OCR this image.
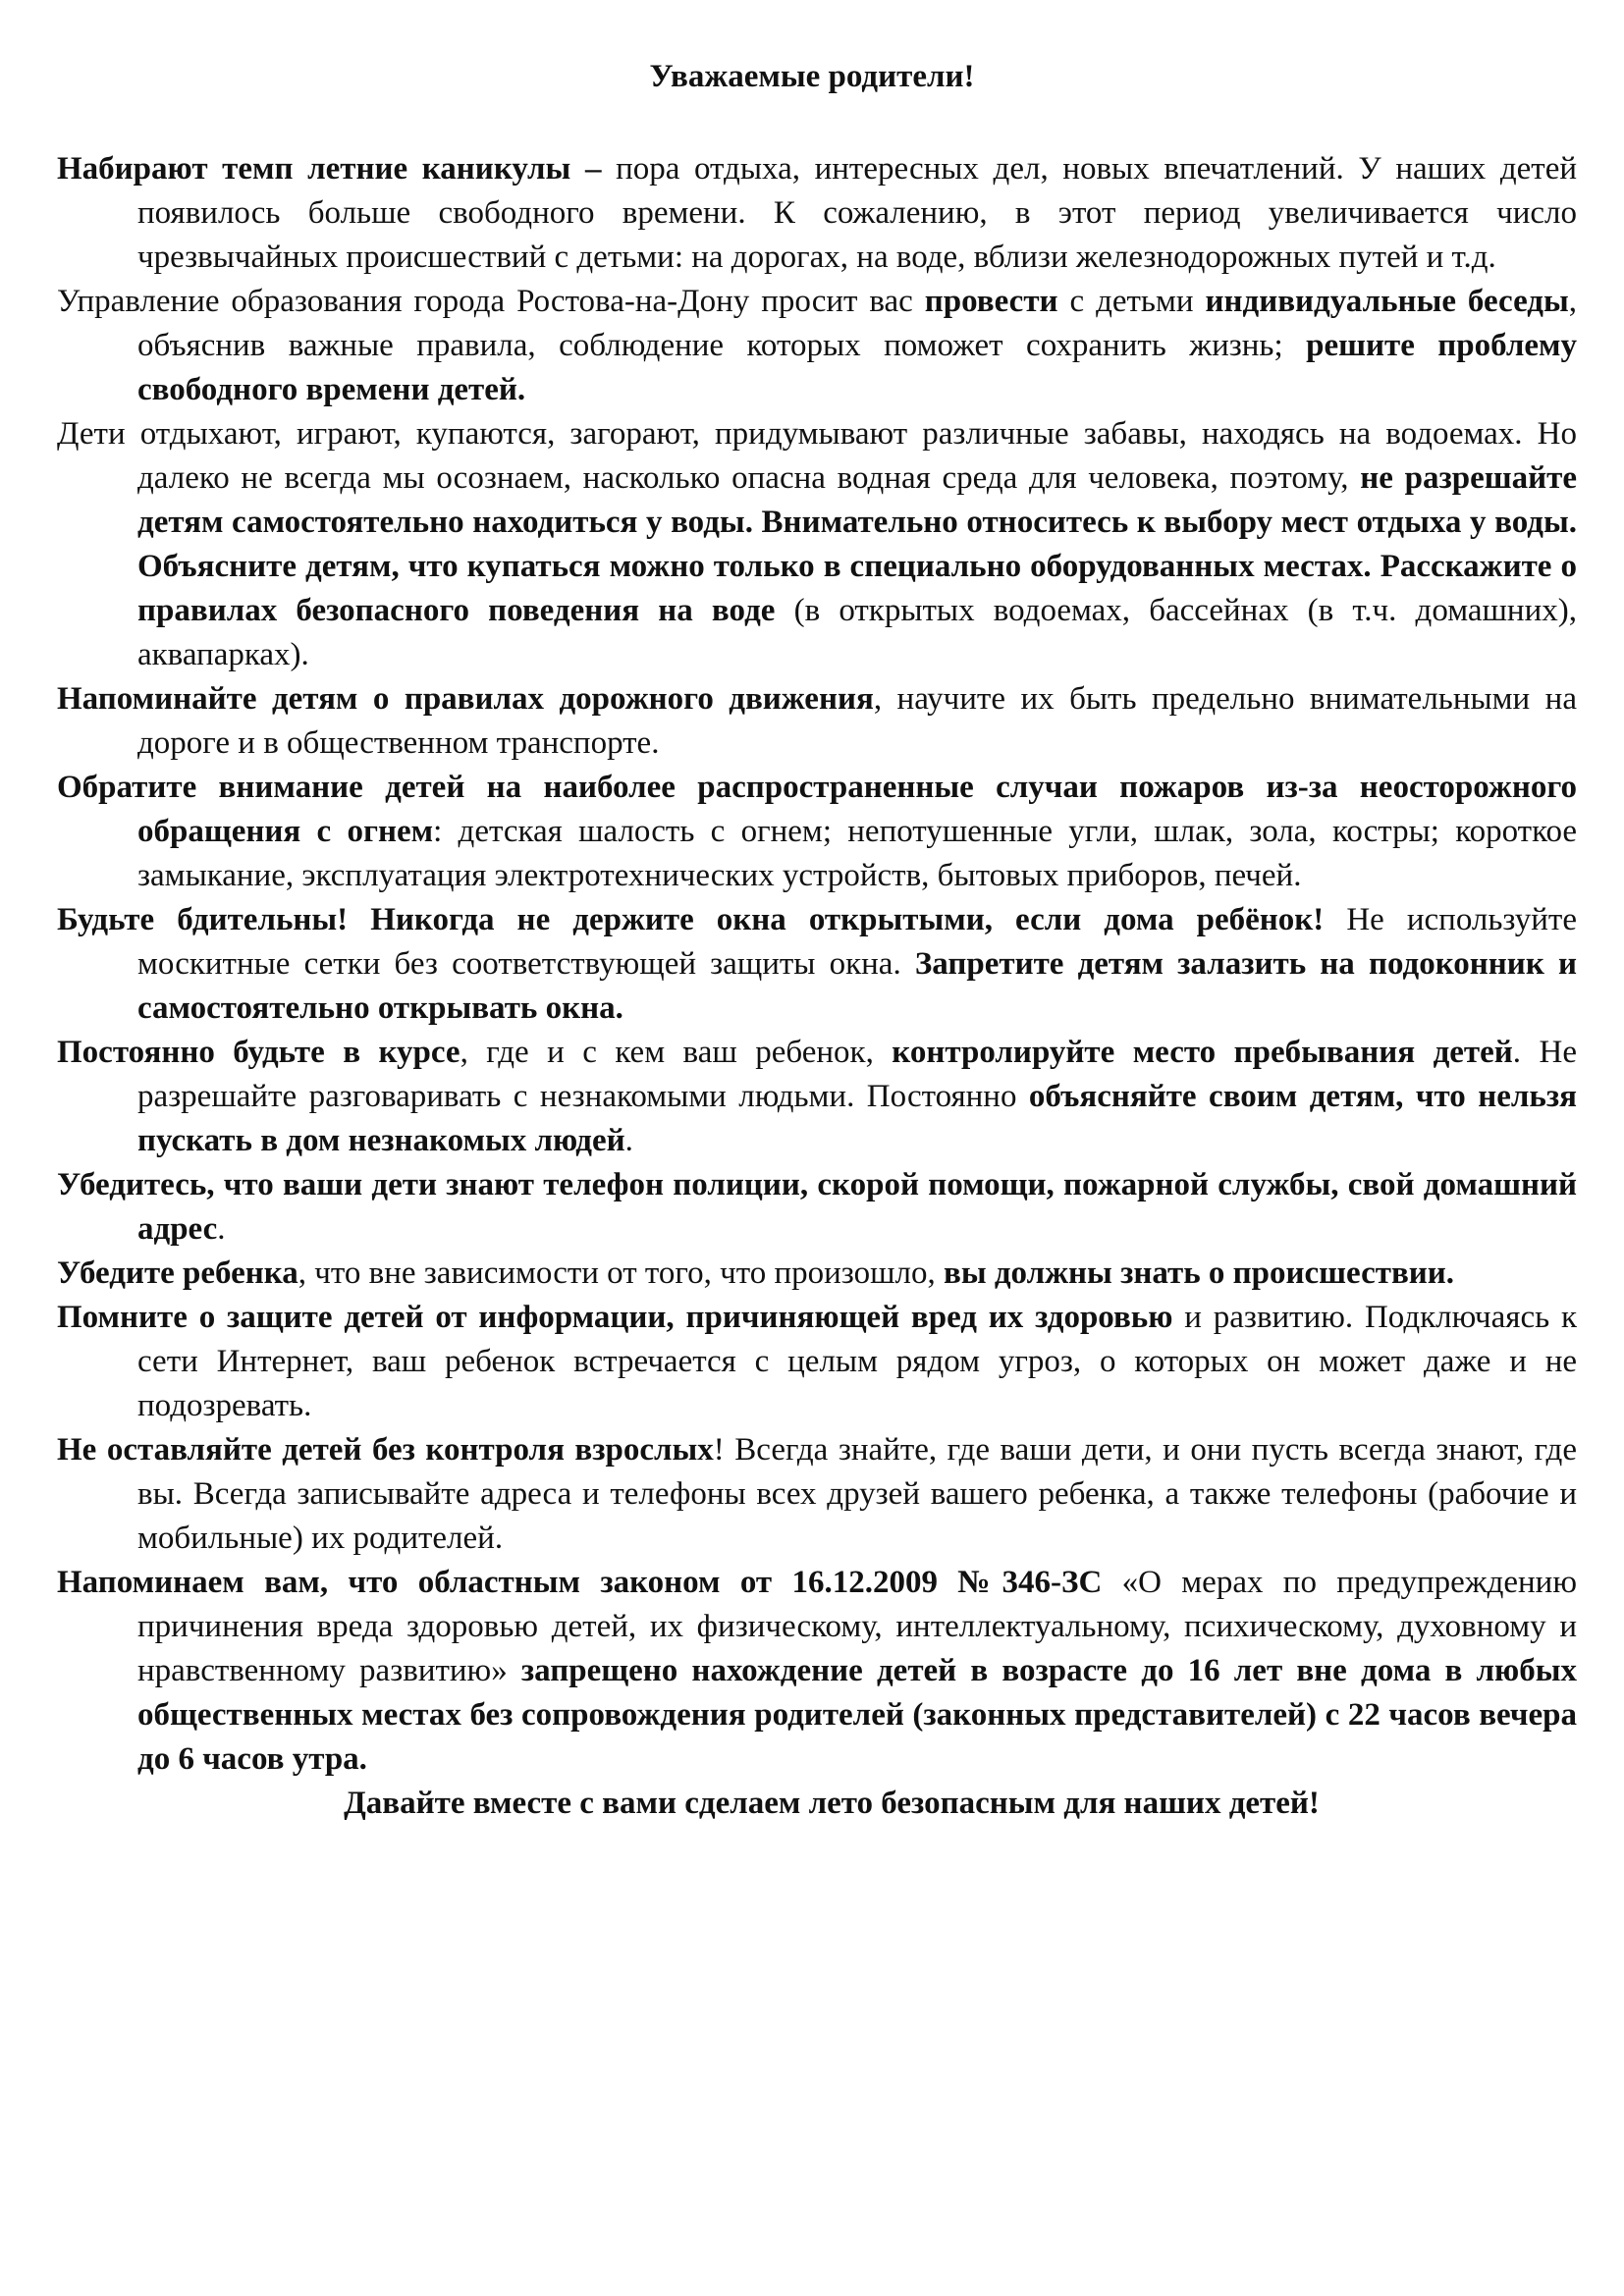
Уважаемые родители!

Набирают темп летние каникулы – пора отдыха, интересных дел, новых впечатлений. У наших детей появилось больше свободного времени. К сожалению, в этот период увеличивается число чрезвычайных происшествий с детьми: на дорогах, на воде, вблизи железнодорожных путей и т.д.

Управление образования города Ростова-на-Дону просит вас провести с детьми индивидуальные беседы, объяснив важные правила, соблюдение которых поможет сохранить жизнь; решите проблему свободного времени детей.

Дети отдыхают, играют, купаются, загорают, придумывают различные забавы, находясь на водоемах. Но далеко не всегда мы осознаем, насколько опасна водная среда для человека, поэтому, не разрешайте детям самостоятельно находиться у воды. Внимательно относитесь к выбору мест отдыха у воды. Объясните детям, что купаться можно только в специально оборудованных местах. Расскажите о правилах безопасного поведения на воде (в открытых водоемах, бассейнах (в т.ч. домашних), аквапарках).

Напоминайте детям о правилах дорожного движения, научите их быть предельно внимательными на дороге и в общественном транспорте.

Обратите внимание детей на наиболее распространенные случаи пожаров из-за неосторожного обращения с огнем: детская шалость с огнем; непотушенные угли, шлак, зола, костры; короткое замыкание, эксплуатация электротехнических устройств, бытовых приборов, печей.

Будьте бдительны! Никогда не держите окна открытыми, если дома ребёнок! Не используйте москитные сетки без соответствующей защиты окна. Запретите детям залазить на подоконник и самостоятельно открывать окна.

Постоянно будьте в курсе, где и с кем ваш ребенок, контролируйте место пребывания детей. Не разрешайте разговаривать с незнакомыми людьми. Постоянно объясняйте своим детям, что нельзя пускать в дом незнакомых людей.

Убедитесь, что ваши дети знают телефон полиции, скорой помощи, пожарной службы, свой домашний адрес.

Убедите ребенка, что вне зависимости от того, что произошло, вы должны знать о происшествии.

Помните о защите детей от информации, причиняющей вред их здоровью и развитию. Подключаясь к сети Интернет, ваш ребенок встречается с целым рядом угроз, о которых он может даже и не подозревать.

Не оставляйте детей без контроля взрослых! Всегда знайте, где ваши дети, и они пусть всегда знают, где вы. Всегда записывайте адреса и телефоны всех друзей вашего ребенка, а также телефоны (рабочие и мобильные) их родителей.

Напоминаем вам, что областным законом от 16.12.2009 №346-ЗС «О мерах по предупреждению причинения вреда здоровью детей, их физическому, интеллектуальному, психическому, духовному и нравственному развитию» запрещено нахождение детей в возрасте до 16 лет вне дома в любых общественных местах без сопровождения родителей (законных представителей) с 22 часов вечера до 6 часов утра.

Давайте вместе с вами сделаем лето безопасным для наших детей!
